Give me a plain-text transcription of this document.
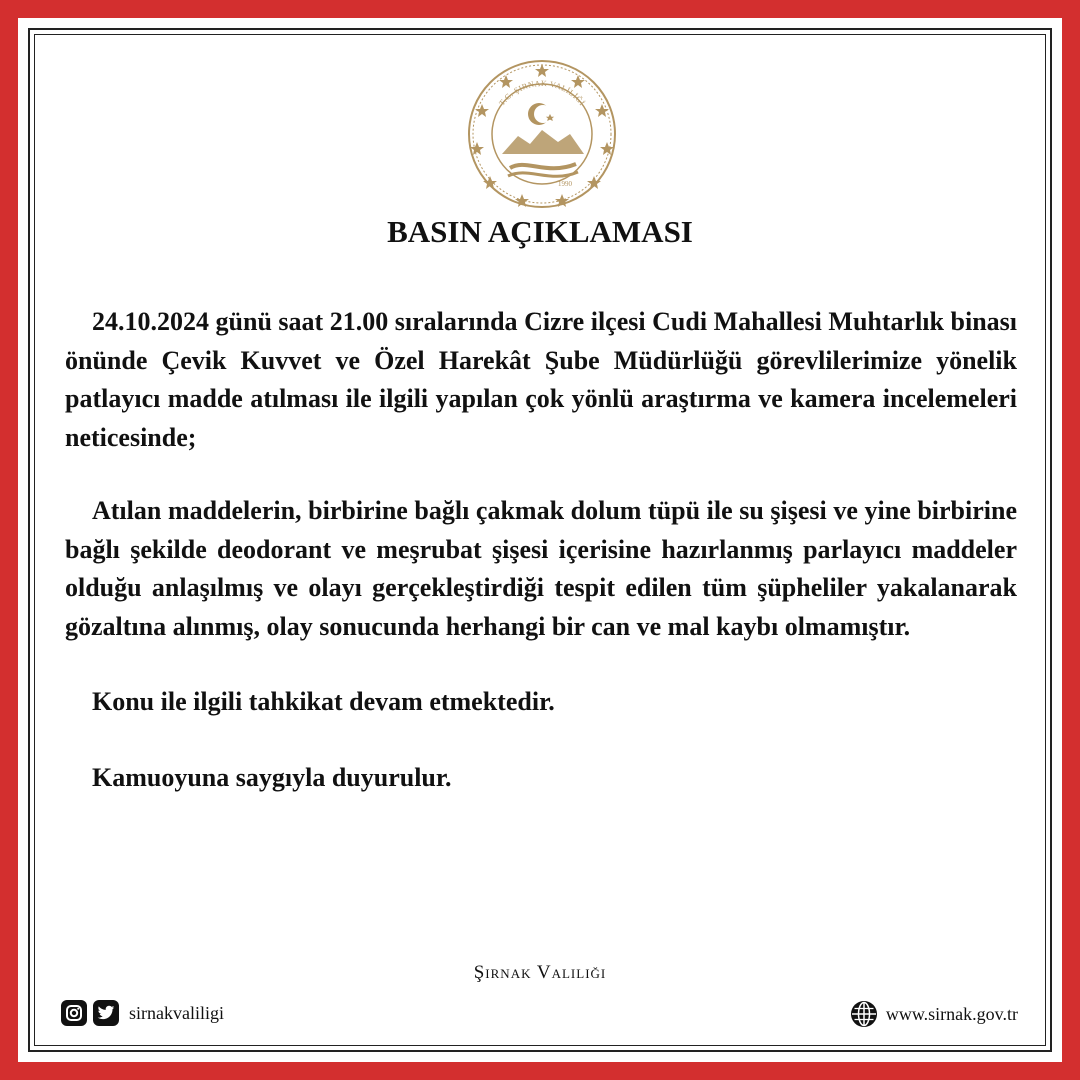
T.C. ŞIRNAK VALİLİĞİ
1990
BASIN AÇIKLAMASI

24.10.2024 günü saat 21.00 sıralarında Cizre ilçesi Cudi Mahallesi Muhtarlık binası önünde Çevik Kuvvet ve Özel Harekât Şube Müdürlüğü görevlilerimize yönelik patlayıcı madde atılması ile ilgili yapılan çok yönlü araştırma ve kamera incelemeleri neticesinde;

Atılan maddelerin, birbirine bağlı çakmak dolum tüpü ile su şişesi ve yine birbirine bağlı şekilde deodorant ve meşrubat şişesi içerisine hazırlanmış parlayıcı maddeler olduğu anlaşılmış ve olayı gerçekleştirdiği tespit edilen tüm şüpheliler yakalanarak gözaltına alınmış, olay sonucunda herhangi bir can ve mal kaybı olmamıştır.

Konu ile ilgili tahkikat devam etmektedir.

Kamuoyuna saygıyla duyurulur.

Şırnak Valiliği
sirnakvaliligi	www.sirnak.gov.tr
